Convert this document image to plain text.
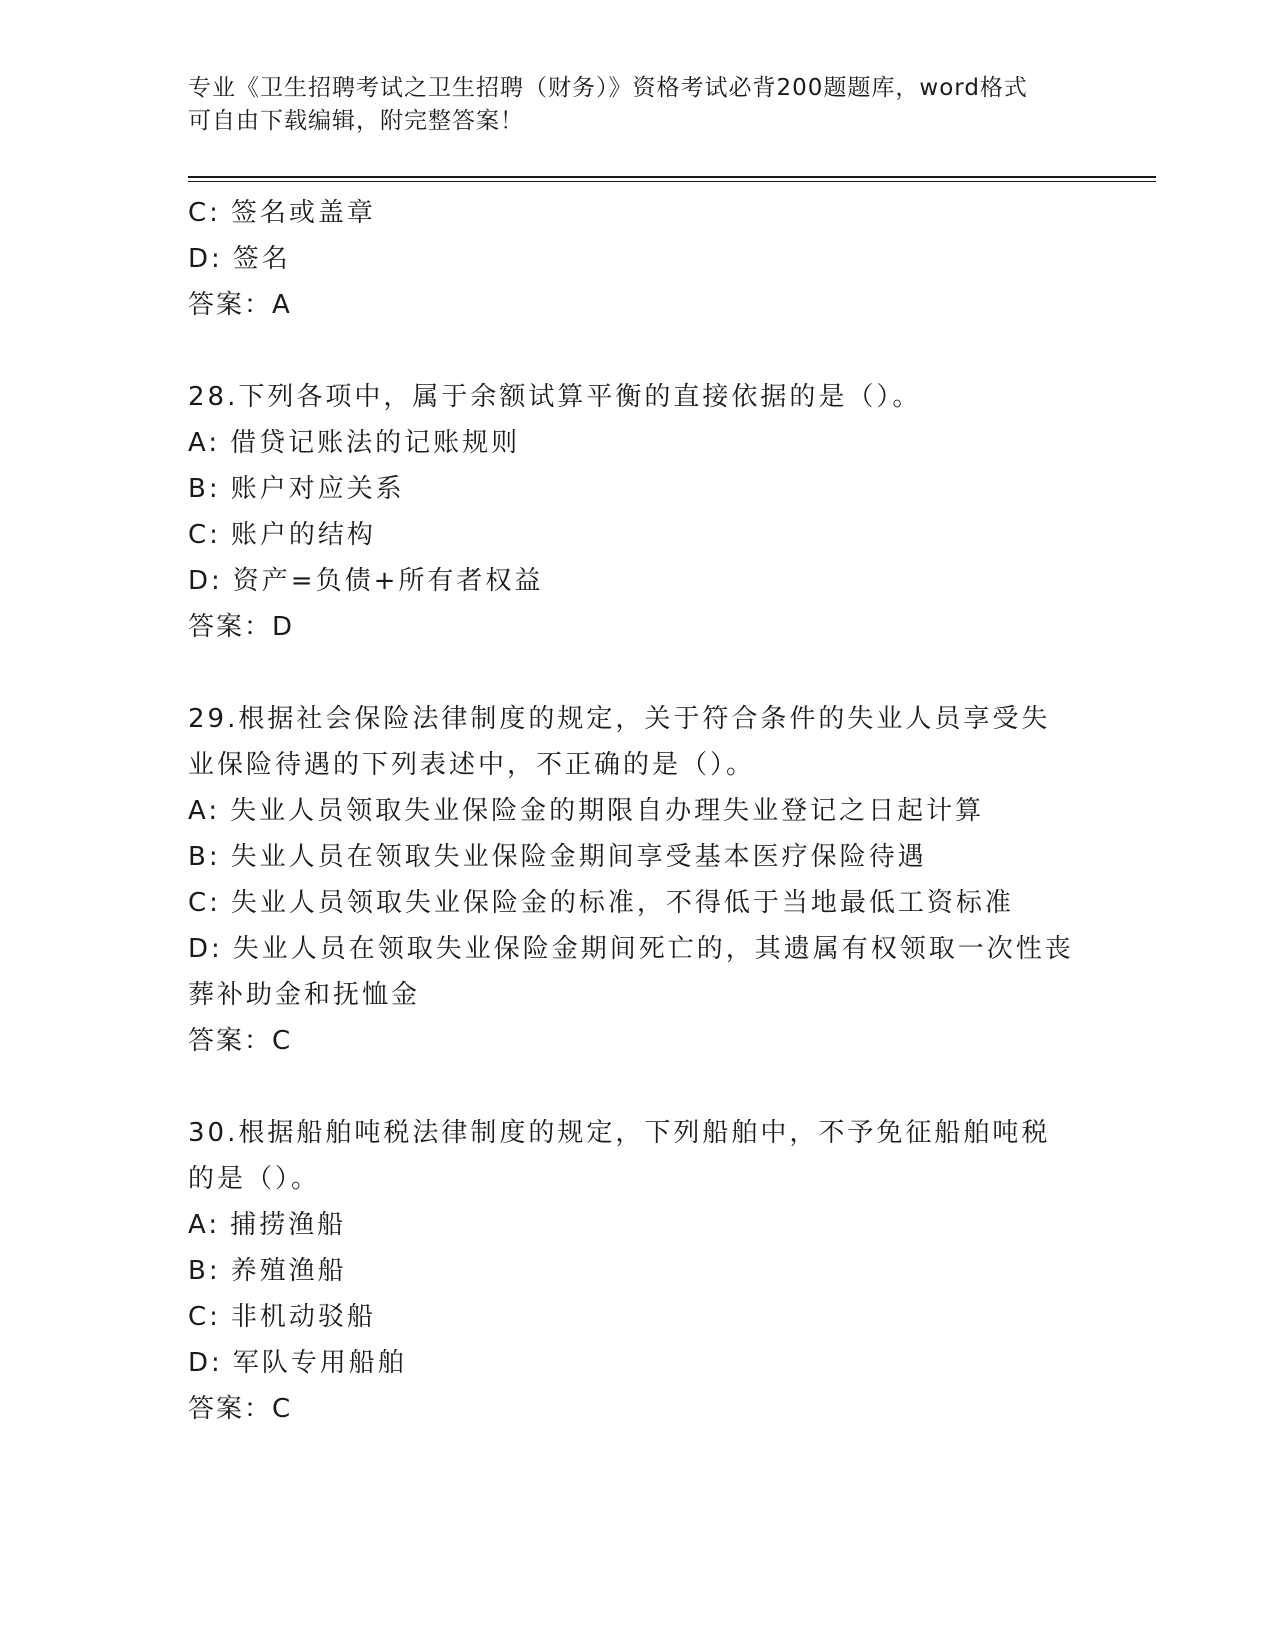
专业《卫生招聘考试之卫生招聘（财务）》资格考试必背200题题库，word格式
可自由下载编辑，附完整答案！
C: 签名或盖章
D: 签名
答案：A
28.下列各项中，属于余额试算平衡的直接依据的是（）。
A: 借贷记账法的记账规则
B: 账户对应关系
C: 账户的结构
D: 资产=负债+所有者权益
答案：D
29.根据社会保险法律制度的规定，关于符合条件的失业人员享受失业保险待遇的下列表述中，不正确的是（）。
A: 失业人员领取失业保险金的期限自办理失业登记之日起计算
B: 失业人员在领取失业保险金期间享受基本医疗保险待遇
C: 失业人员领取失业保险金的标准，不得低于当地最低工资标准
D: 失业人员在领取失业保险金期间死亡的，其遗属有权领取一次性丧葬补助金和抚恤金
答案：C
30.根据船舶吨税法律制度的规定，下列船舶中，不予免征船舶吨税的是（）。
A: 捕捞渔船
B: 养殖渔船
C: 非机动驳船
D: 军队专用船舶
答案：C
